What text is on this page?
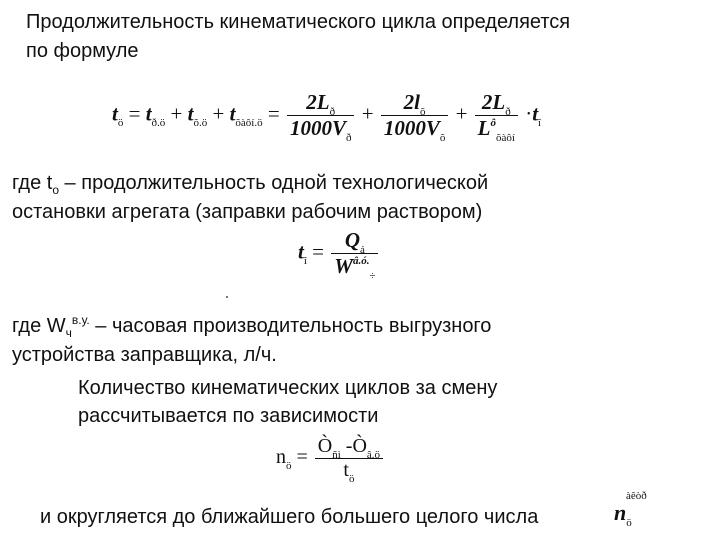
Продолжительность кинематического цикла определяется
по формуле
$t_ö = t_{ð.ö} + t_{õ.ö} + t_{õàôí.ö} = \frac{2L_ð}{1000V_ð} + \frac{2l_õ}{1000V_õ} + \frac{2L_ð}{L^ô_{õàôí}} \cdot t_î$
где $t_о$ – продолжительность одной технологической
остановки агрегата (заправки рабочим раствором)
$t_î = \frac{Q_á}{W^{â.ó.}_\div}$
где $W_ч^{в.у.}$ – часовая производительность выгрузного
устройства заправщика, л/ч.
Количество кинематических циклов за смену
рассчитывается по зависимости
$n_ö = \frac{Ò_{ñì} -Ò_{â.ö}}{t_ö}$
и округляется до ближайшего большего целого числа	$n_ö$
àêòð
